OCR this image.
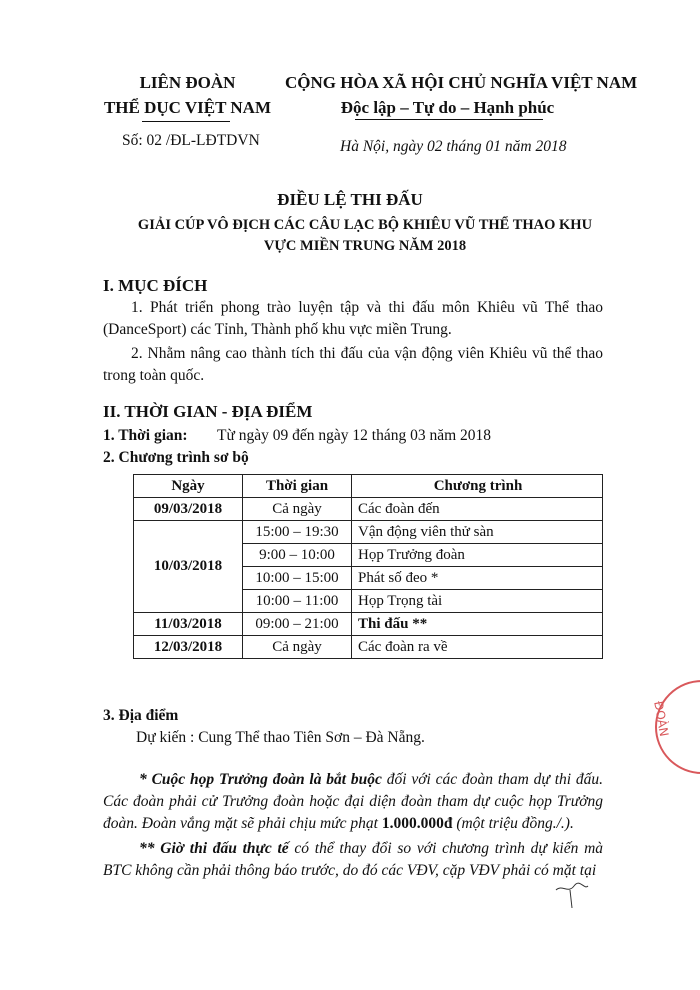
LIÊN ĐOÀN
THỂ DỤC VIỆT NAM
Số: 02 /ĐL-LĐTDVN
CỘNG HÒA XÃ HỘI CHỦ NGHĨA VIỆT NAM
Độc lập – Tự do – Hạnh phúc
Hà Nội, ngày 02 tháng 01 năm 2018
ĐIỀU LỆ THI ĐẤU
GIẢI CÚP VÔ ĐỊCH CÁC CÂU LẠC BỘ KHIÊU VŨ THỂ THAO KHU VỰC MIỀN TRUNG NĂM 2018
I. MỤC ĐÍCH
1. Phát triển phong trào luyện tập và thi đấu môn Khiêu vũ Thể thao (DanceSport) các Tỉnh, Thành phố khu vực miền Trung.
2. Nhằm nâng cao thành tích thi đấu của vận động viên Khiêu vũ thể thao trong toàn quốc.
II. THỜI GIAN - ĐỊA ĐIỂM
1. Thời gian: Từ ngày 09 đến ngày 12 tháng 03 năm 2018
2. Chương trình sơ bộ
Ngày	Thời gian	Chương trình
09/03/2018	Cả ngày	Các đoàn đến
10/03/2018	15:00 – 19:30	Vận động viên thử sàn
	9:00 – 10:00	Họp Trưởng đoàn
	10:00 – 15:00	Phát số đeo *
	10:00 – 11:00	Họp Trọng tài
11/03/2018	09:00 – 21:00	Thi đấu **
12/03/2018	Cả ngày	Các đoàn ra về
3. Địa điểm
Dự kiến : Cung Thể thao Tiên Sơn – Đà Nẵng.
* Cuộc họp Trưởng đoàn là bắt buộc đối với các đoàn tham dự thi đấu. Các đoàn phải cử Trưởng đoàn hoặc đại diện đoàn tham dự cuộc họp Trưởng đoàn. Đoàn vắng mặt sẽ phải chịu mức phạt 1.000.000đ (một triệu đồng./.).
** Giờ thi đấu thực tế có thể thay đổi so với chương trình dự kiến mà BTC không cần phải thông báo trước, do đó các VĐV, cặp VĐV phải có mặt tại
ĐOÀN
